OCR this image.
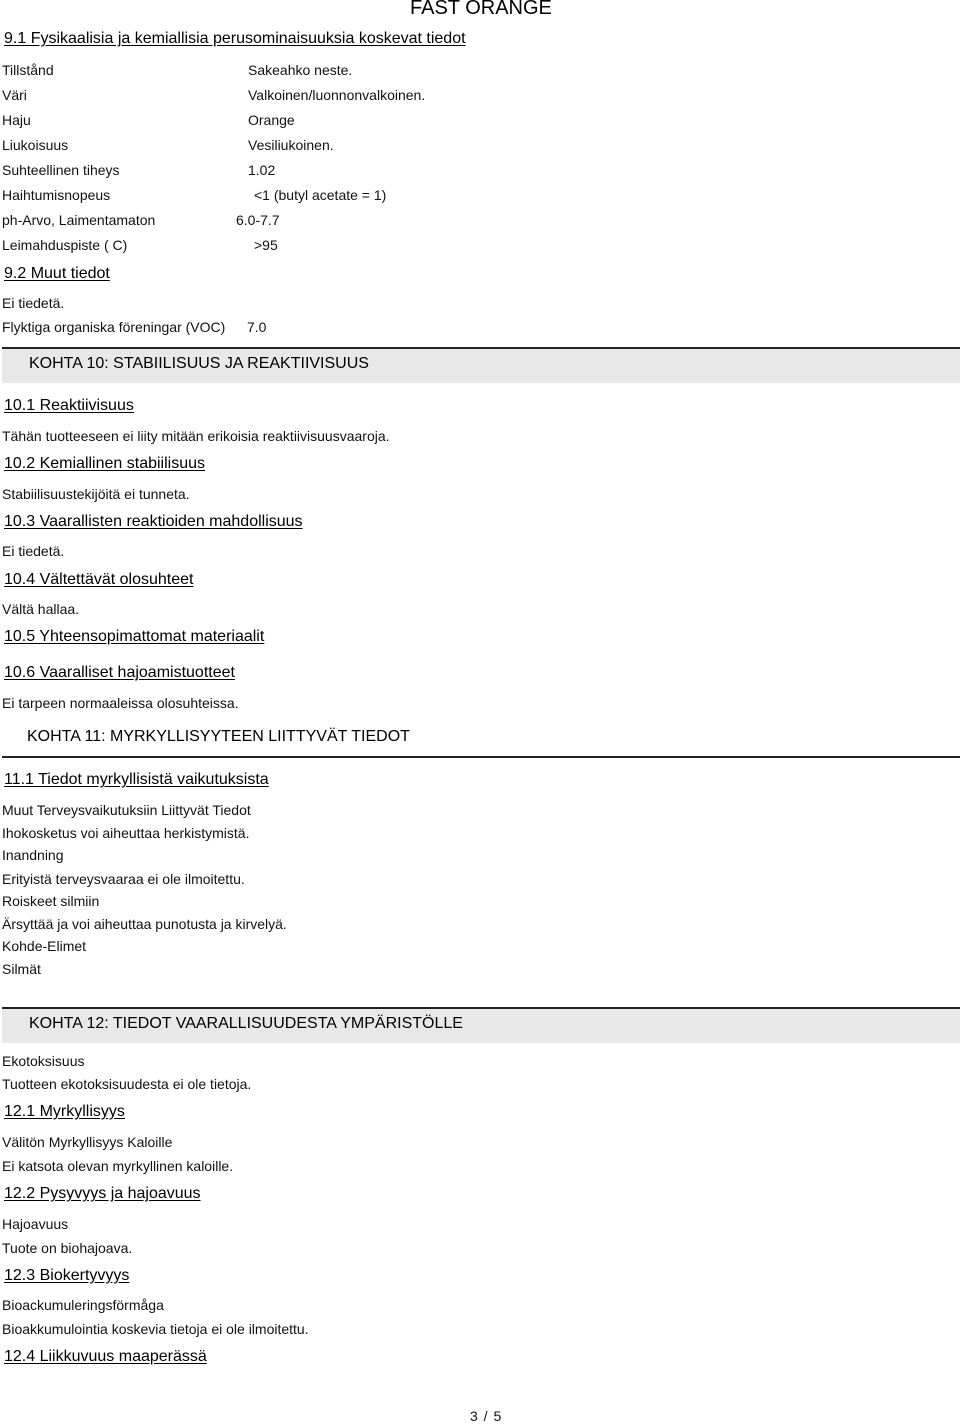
FAST ORANGE
9.1 Fysikaalisia ja kemiallisia perusominaisuuksia koskevat tiedot
Tillstånd	Sakeahko neste.
Väri	Valkoinen/luonnonvalkoinen.
Haju	Orange
Liukoisuus	Vesiliukoinen.
Suhteellinen tiheys	1.02
Haihtumisnopeus	<1 (butyl acetate = 1)
ph-Arvo, Laimentamaton	6.0-7.7
Leimahduspiste ( C)	>95
9.2 Muut tiedot
Ei tiedetä.
Flyktiga organiska föreningar (VOC) 7.0
KOHTA 10: STABIILISUUS JA REAKTIIVISUUS
10.1 Reaktiivisuus
Tähän tuotteeseen ei liity mitään erikoisia reaktiivisuusvaaroja.
10.2 Kemiallinen stabiilisuus
Stabiilisuustekijöitä ei tunneta.
10.3 Vaarallisten reaktioiden mahdollisuus
Ei tiedetä.
10.4 Vältettävät olosuhteet
Vältä hallaa.
10.5 Yhteensopimattomat materiaalit
10.6 Vaaralliset hajoamistuotteet
Ei tarpeen normaaleissa olosuhteissa.
KOHTA 11: MYRKYLLISYYTEEN LIITTYVÄT TIEDOT
11.1 Tiedot myrkyllisistä vaikutuksista
Muut Terveysvaikutuksiin Liittyvät Tiedot
Ihokosketus voi aiheuttaa herkistymistä.
Inandning
Erityistä terveysvaaraa ei ole ilmoitettu.
Roiskeet silmiin
Ärsyttää ja voi aiheuttaa punotusta ja kirvelyä.
Kohde-Elimet
Silmät
KOHTA 12: TIEDOT VAARALLISUUDESTA YMPÄRISTÖLLE
Ekotoksisuus
Tuotteen ekotoksisuudesta ei ole tietoja.
12.1 Myrkyllisyys
Välitön Myrkyllisyys Kaloille
Ei katsota olevan myrkyllinen kaloille.
12.2 Pysyvyys ja hajoavuus
Hajoavuus
Tuote on biohajoava.
12.3 Biokertyvyys
Bioackumuleringsförmåga
Bioakkumulointia koskevia tietoja ei ole ilmoitettu.
12.4 Liikkuvuus maaperässä
3 / 5
